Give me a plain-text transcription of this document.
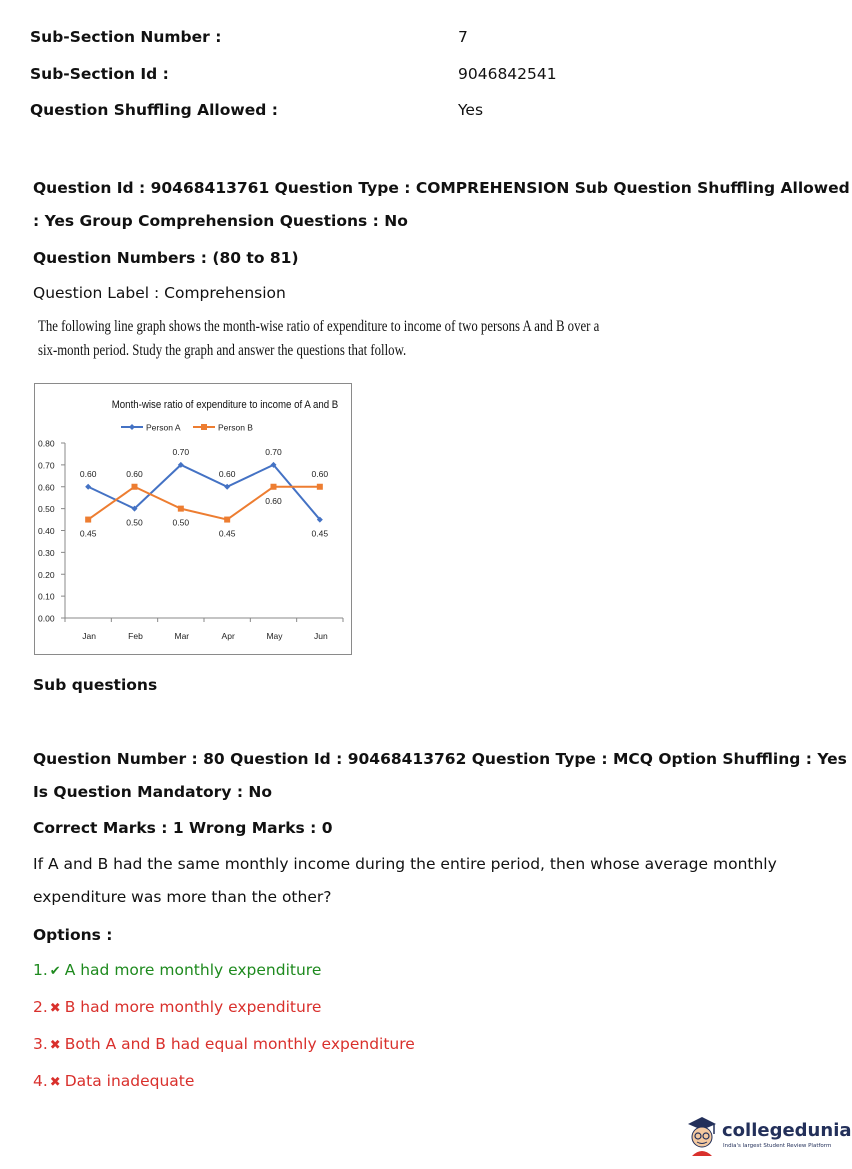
Sub-Section Number :	7
Sub-Section Id :	9046842541
Question Shuffling Allowed :	Yes
Question Id : 90468413761 Question Type : COMPREHENSION Sub Question Shuffling Allowed
: Yes Group Comprehension Questions : No
Question Numbers : (80 to 81)
Question Label : Comprehension
The following line graph shows the month-wise ratio of expenditure to income of two persons A and B over a
six-month period. Study the graph and answer the questions that follow.
Month-wise ratio of expenditure to income of A and B
Person A	Person B
0.00
0.10
0.20
0.30
0.40
0.50
0.60
0.70
0.80
Jan	Feb	Mar	Apr	May	Jun
0.60
0.45
0.50
0.60
0.70
0.50
0.60
0.45
0.70
0.60
0.45
0.60
Sub questions
Question Number : 80 Question Id : 90468413762 Question Type : MCQ Option Shuffling : Yes
Is Question Mandatory : No
Correct Marks : 1 Wrong Marks : 0
If A and B had the same monthly income during the entire period, then whose average monthly
expenditure was more than the other?
Options :
1. ✔ A had more monthly expenditure
2. ✖ B had more monthly expenditure
3. ✖ Both A and B had equal monthly expenditure
4. ✖ Data inadequate
collegedunia
India's largest Student Review Platform
